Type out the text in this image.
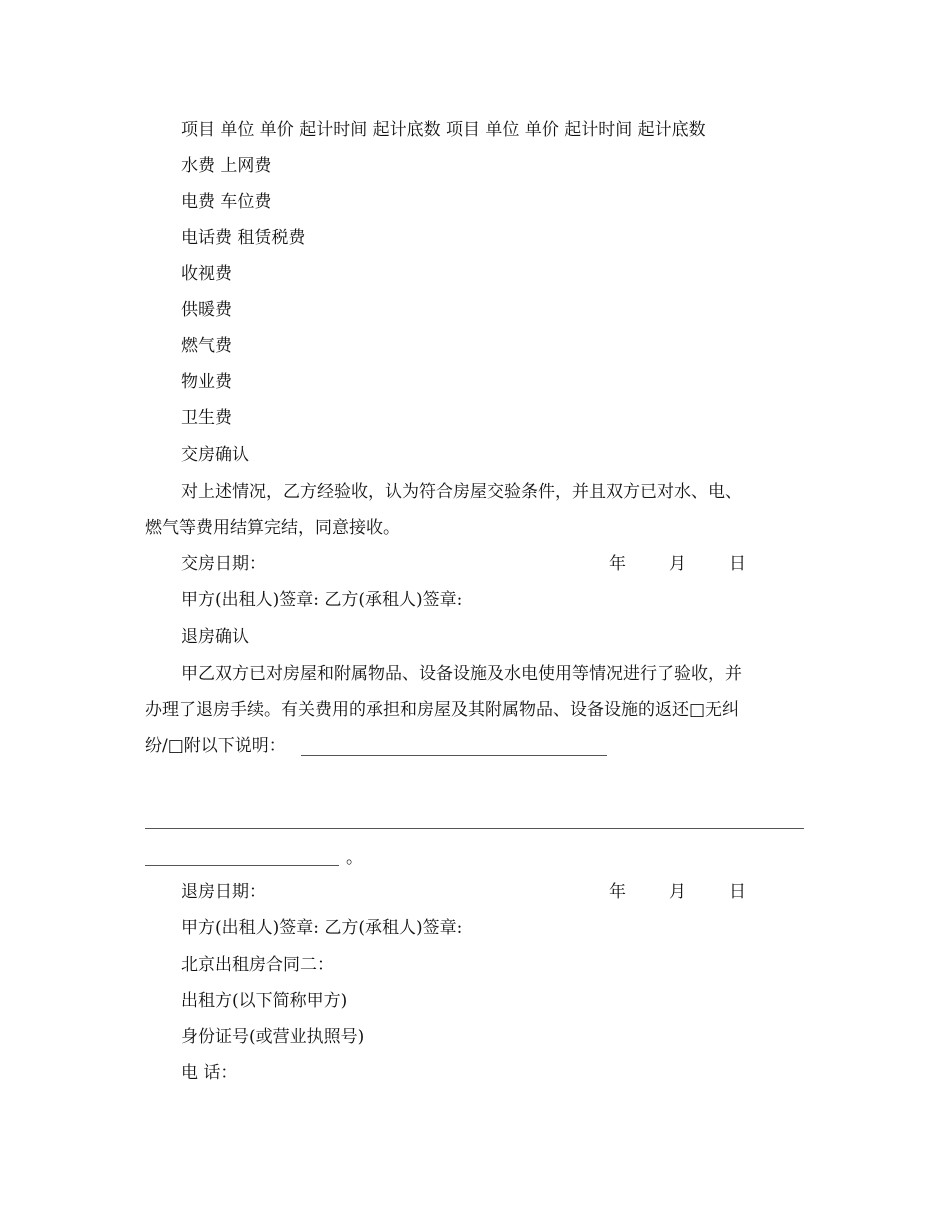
项目 单位 单价 起计时间 起计底数 项目 单位 单价 起计时间 起计底数
水费 上网费
电费 车位费
电话费 租赁税费
收视费
供暖费
燃气费
物业费
卫生费
交房确认
对上述情况，乙方经验收，认为符合房屋交验条件，并且双方已对水、电、
燃气等费用结算完结，同意接收。
交房日期：	年	月	日
甲方(出租人)签章: 乙方(承租人)签章:
退房确认
甲乙双方已对房屋和附属物品、设备设施及水电使用等情况进行了验收，并
办理了退房手续。有关费用的承担和房屋及其附属物品、设备设施的返还□无纠
纷/□附以下说明：
。
退房日期：	年	月	日
甲方(出租人)签章: 乙方(承租人)签章:
北京出租房合同二：
出租方(以下简称甲方)
身份证号(或营业执照号)
电 话：
